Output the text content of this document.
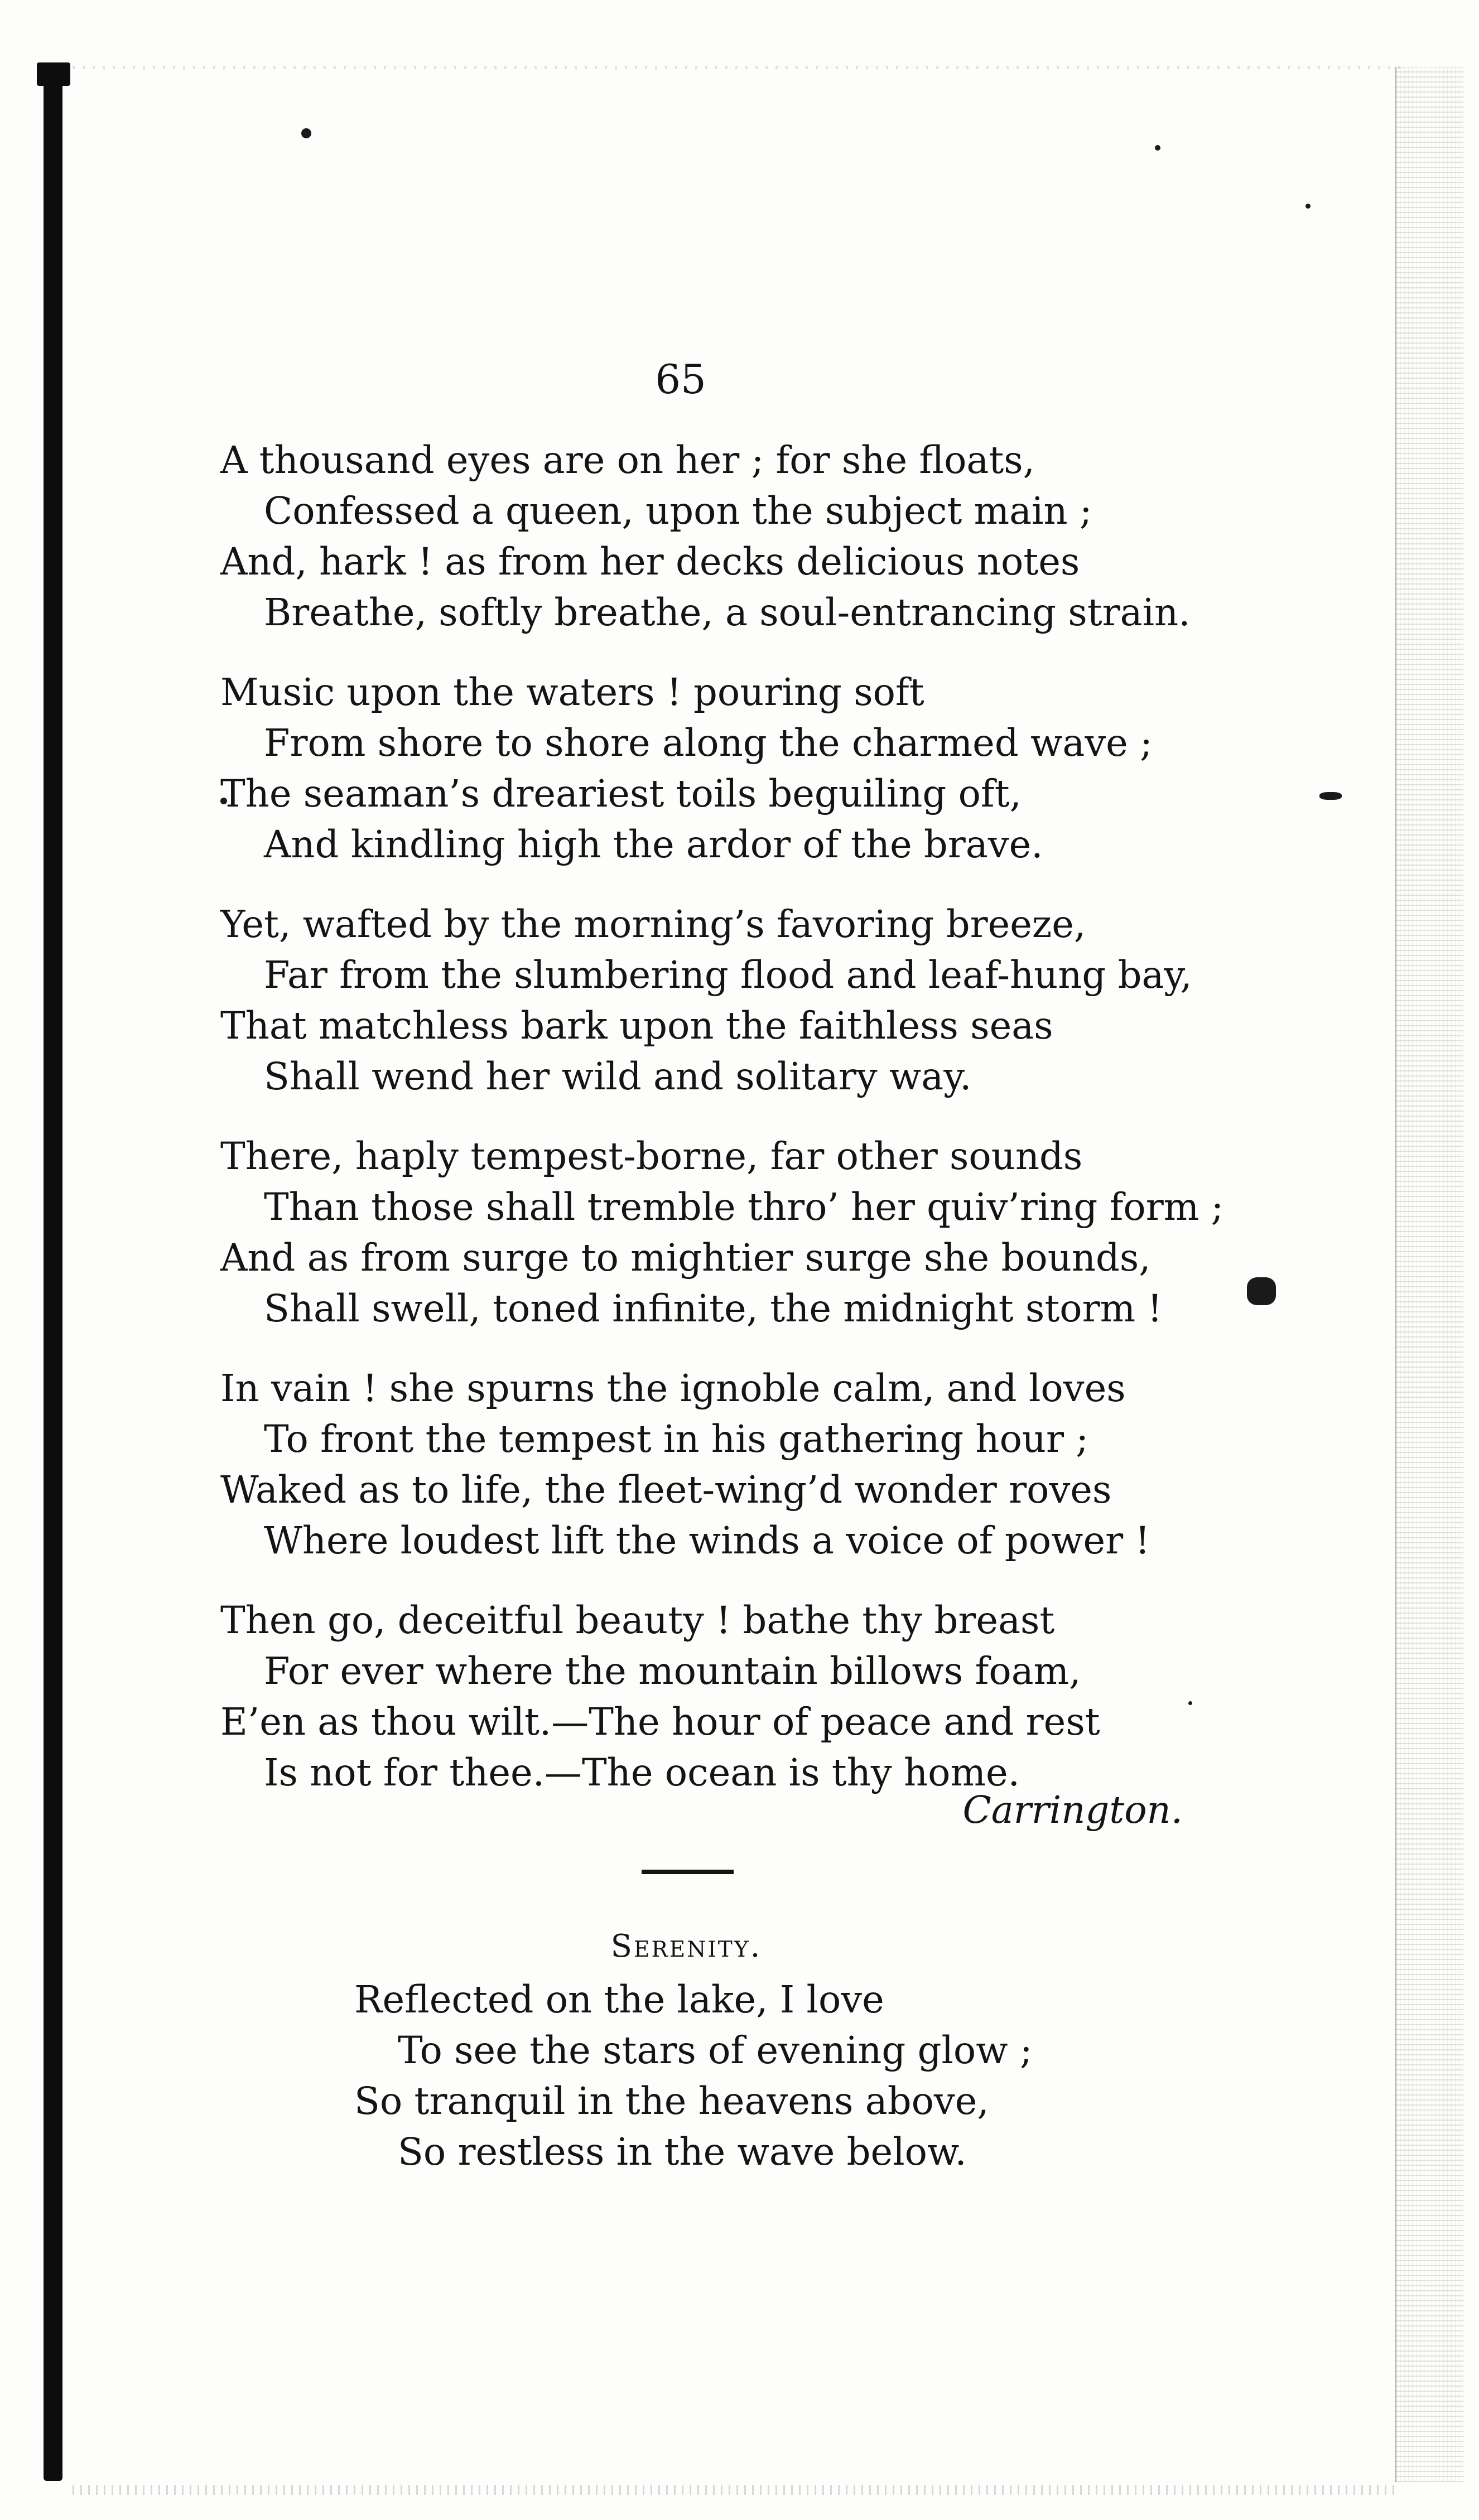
65
A thousand eyes are on her ; for she floats,
Confessed a queen, upon the subject main ;
And, hark ! as from her decks delicious notes
Breathe, softly breathe, a soul-entrancing strain.
Music upon the waters ! pouring soft
From shore to shore along the charmed wave ;
The seaman’s dreariest toils beguiling oft,
And kindling high the ardor of the brave.
Yet, wafted by the morning’s favoring breeze,
Far from the slumbering flood and leaf-hung bay,
That matchless bark upon the faithless seas
Shall wend her wild and solitary way.
There, haply tempest-borne, far other sounds
Than those shall tremble thro’ her quiv’ring form ;
And as from surge to mightier surge she bounds,
Shall swell, toned infinite, the midnight storm !
In vain ! she spurns the ignoble calm, and loves
To front the tempest in his gathering hour ;
Waked as to life, the fleet-wing’d wonder roves
Where loudest lift the winds a voice of power !
Then go, deceitful beauty ! bathe thy breast
For ever where the mountain billows foam,
E’en as thou wilt.—The hour of peace and rest
Is not for thee.—The ocean is thy home.
Carrington.
Serenity.
Reflected on the lake, I love
To see the stars of evening glow ;
So tranquil in the heavens above,
So restless in the wave below.
